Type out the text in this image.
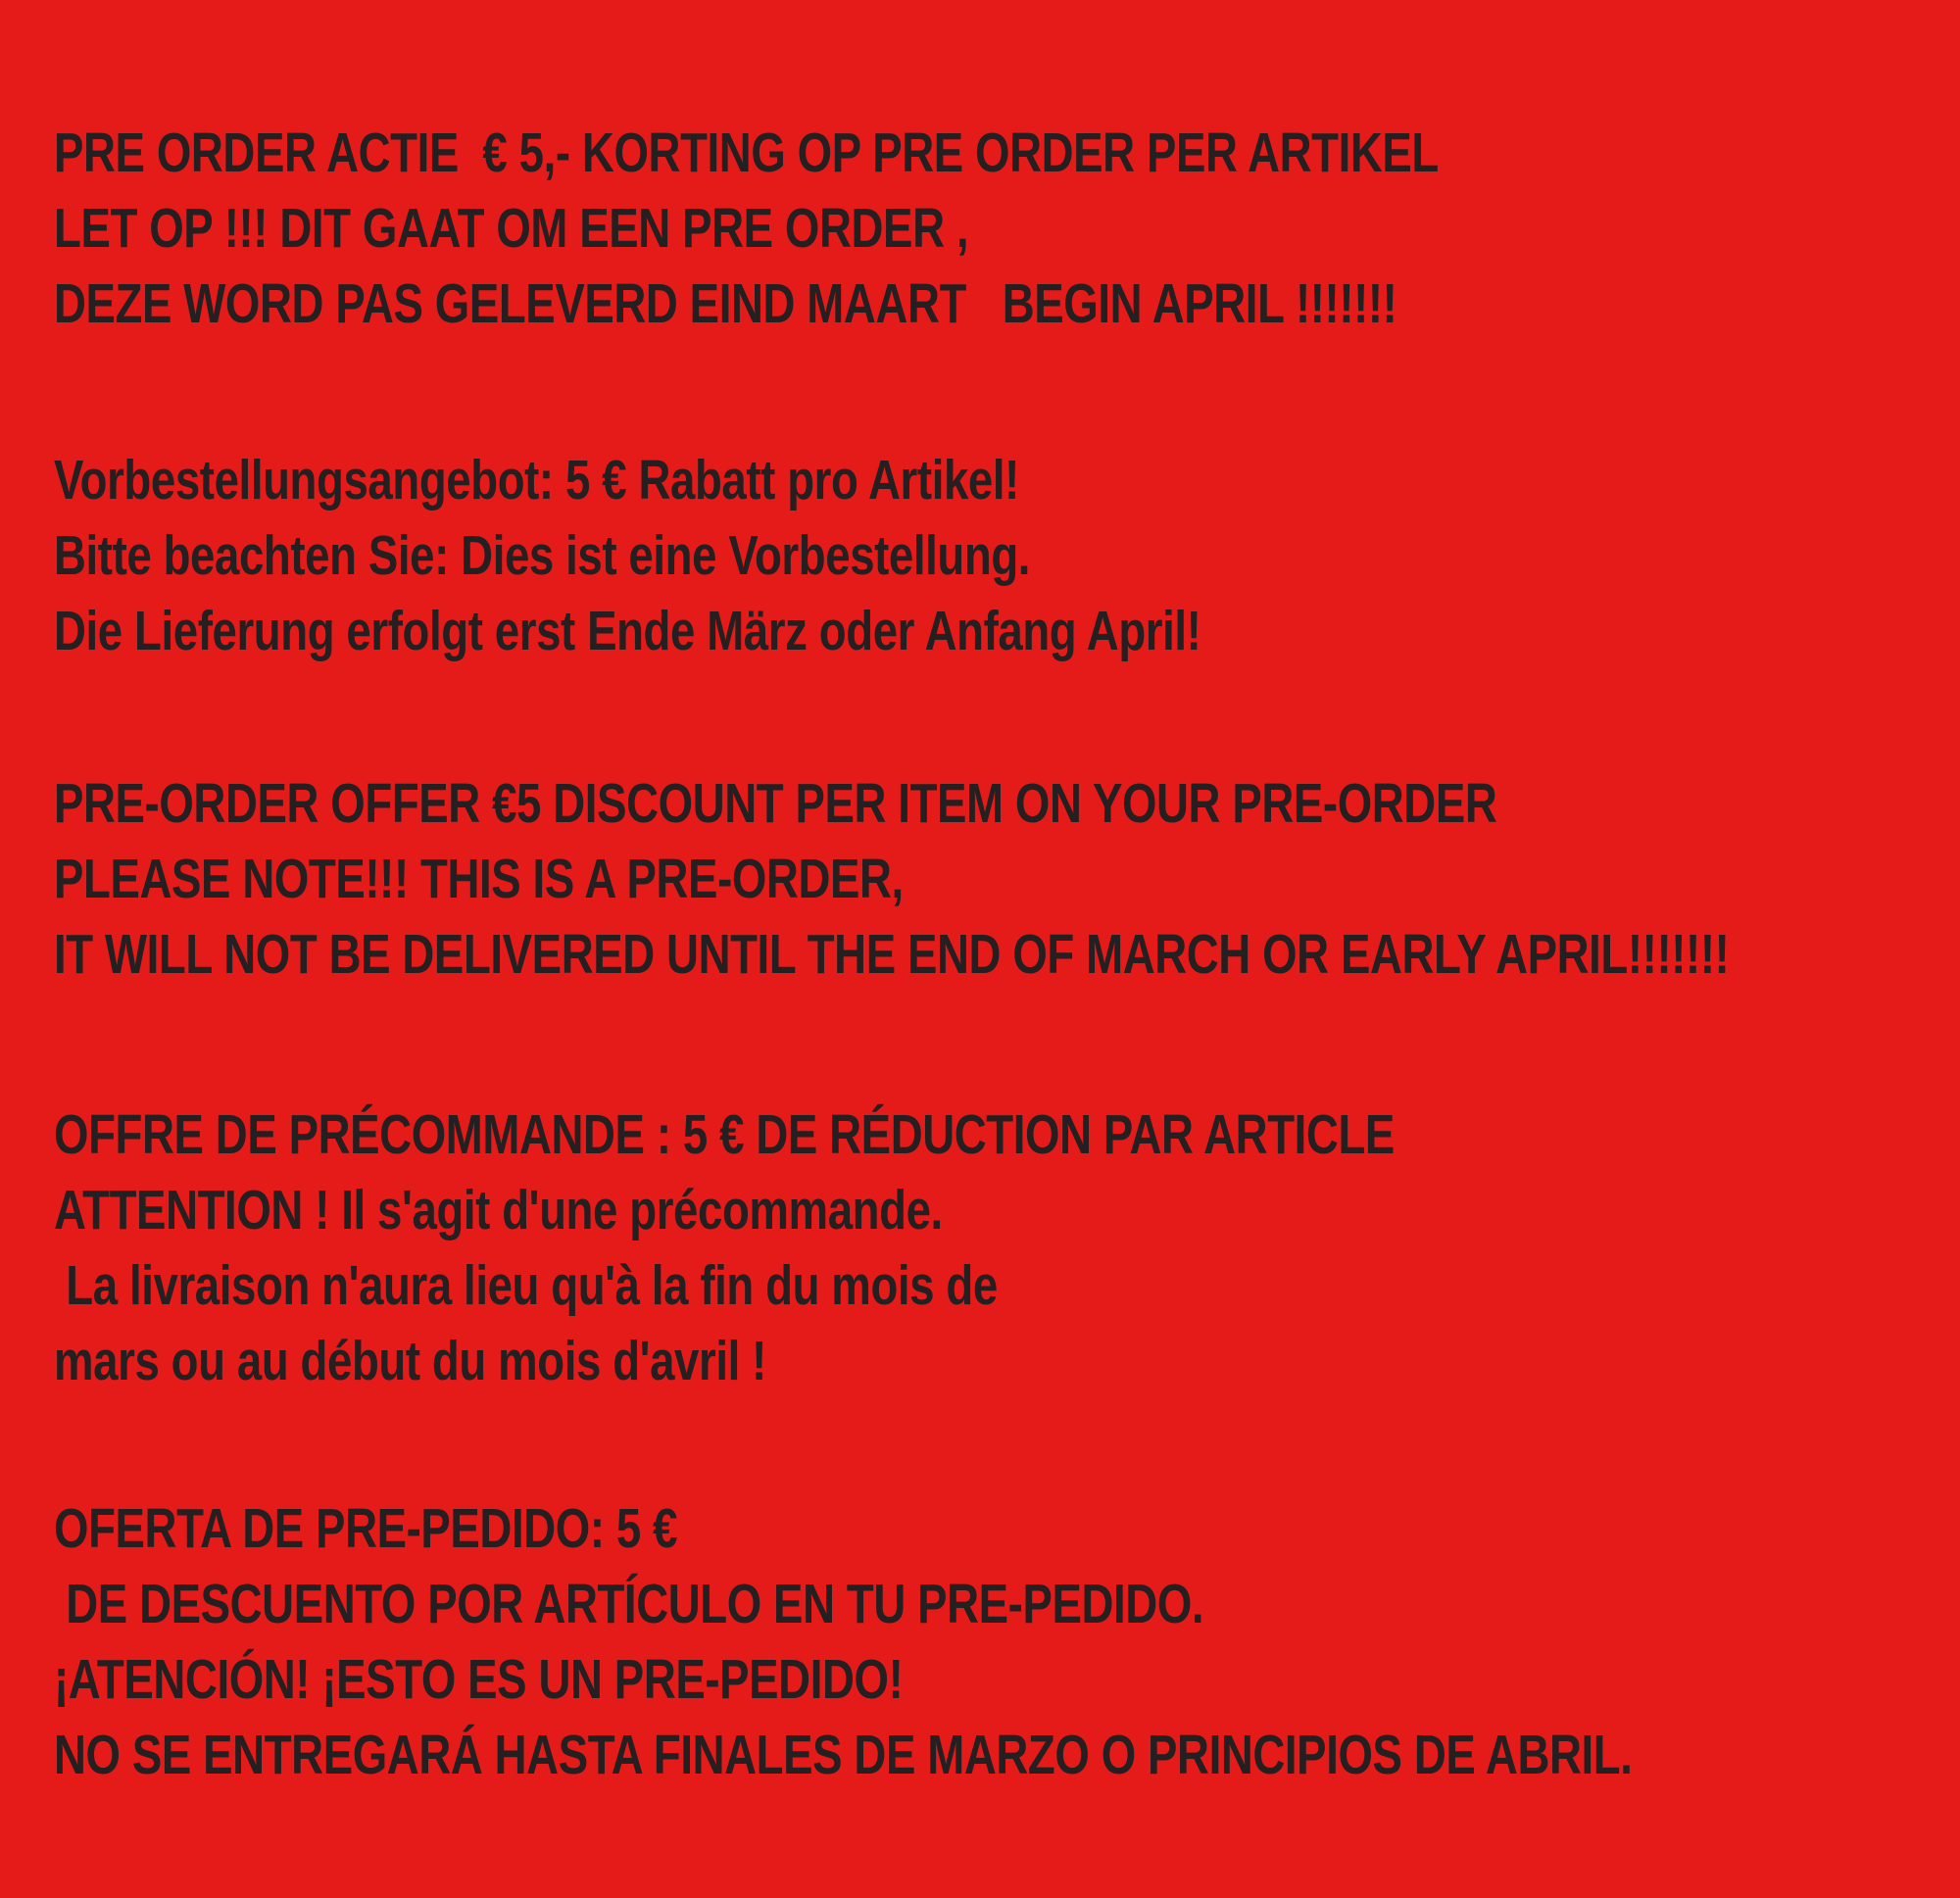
PRE ORDER ACTIE  € 5,- KORTING OP PRE ORDER PER ARTIKEL
LET OP !!! DIT GAAT OM EEN PRE ORDER ,
DEZE WORD PAS GELEVERD EIND MAART   BEGIN APRIL !!!!!!!
Vorbestellungsangebot: 5 € Rabatt pro Artikel!
Bitte beachten Sie: Dies ist eine Vorbestellung.
Die Lieferung erfolgt erst Ende März oder Anfang April!
PRE-ORDER OFFER €5 DISCOUNT PER ITEM ON YOUR PRE-ORDER
PLEASE NOTE!!! THIS IS A PRE-ORDER,
IT WILL NOT BE DELIVERED UNTIL THE END OF MARCH OR EARLY APRIL!!!!!!!
OFFRE DE PRÉCOMMANDE : 5 € DE RÉDUCTION PAR ARTICLE
ATTENTION ! Il s'agit d'une précommande.
La livraison n'aura lieu qu'à la fin du mois de
mars ou au début du mois d'avril !
OFERTA DE PRE-PEDIDO: 5 €
DE DESCUENTO POR ARTÍCULO EN TU PRE-PEDIDO.
¡ATENCIÓN! ¡ESTO ES UN PRE-PEDIDO!
NO SE ENTREGARÁ HASTA FINALES DE MARZO O PRINCIPIOS DE ABRIL.
